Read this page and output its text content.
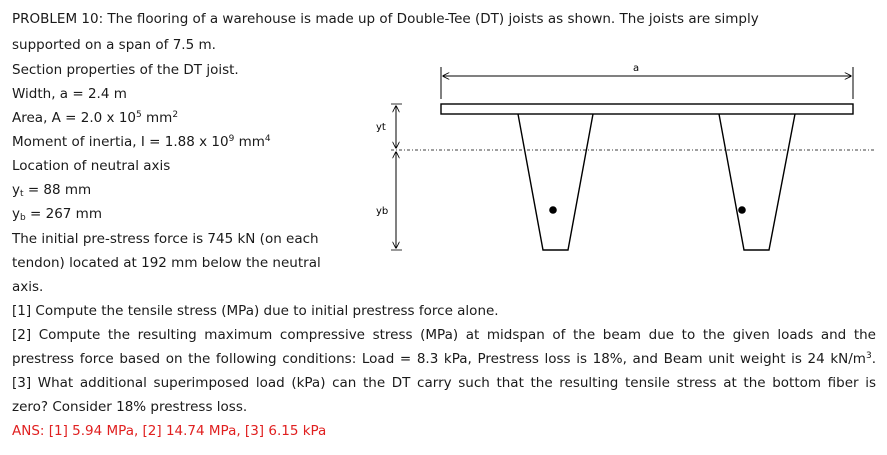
PROBLEM 10: The flooring of a warehouse is made up of Double-Tee (DT) joists as shown. The joists are simply
supported on a span of 7.5 m.
Section properties of the DT joist.
Width, a = 2.4 m
Area, A = 2.0 x $10^5$ $mm^2$
Moment of inertia, I = 1.88 x $10^9$ $mm^4$
Location of neutral axis
$y_t = 88$ mm
$y_b = 267$ mm
The initial pre-stress force is 745 kN (on each
tendon) located at 192 mm below the neutral
axis.
[1] Compute the tensile stress (MPa) due to initial prestress force alone.
[2] Compute the resulting maximum compressive stress (MPa) at midspan of the beam due to the given loads and the
prestress force based on the following conditions: Load = 8.3 kPa, Prestress loss is 18%, and Beam unit weight is 24 $kN/m^3$.
[3] What additional superimposed load (kPa) can the DT carry such that the resulting tensile stress at the bottom fiber is
zero? Consider 18% prestress loss.
ANS: [1] 5.94 MPa, [2] 14.74 MPa, [3] 6.15 kPa
a
yt
yb
